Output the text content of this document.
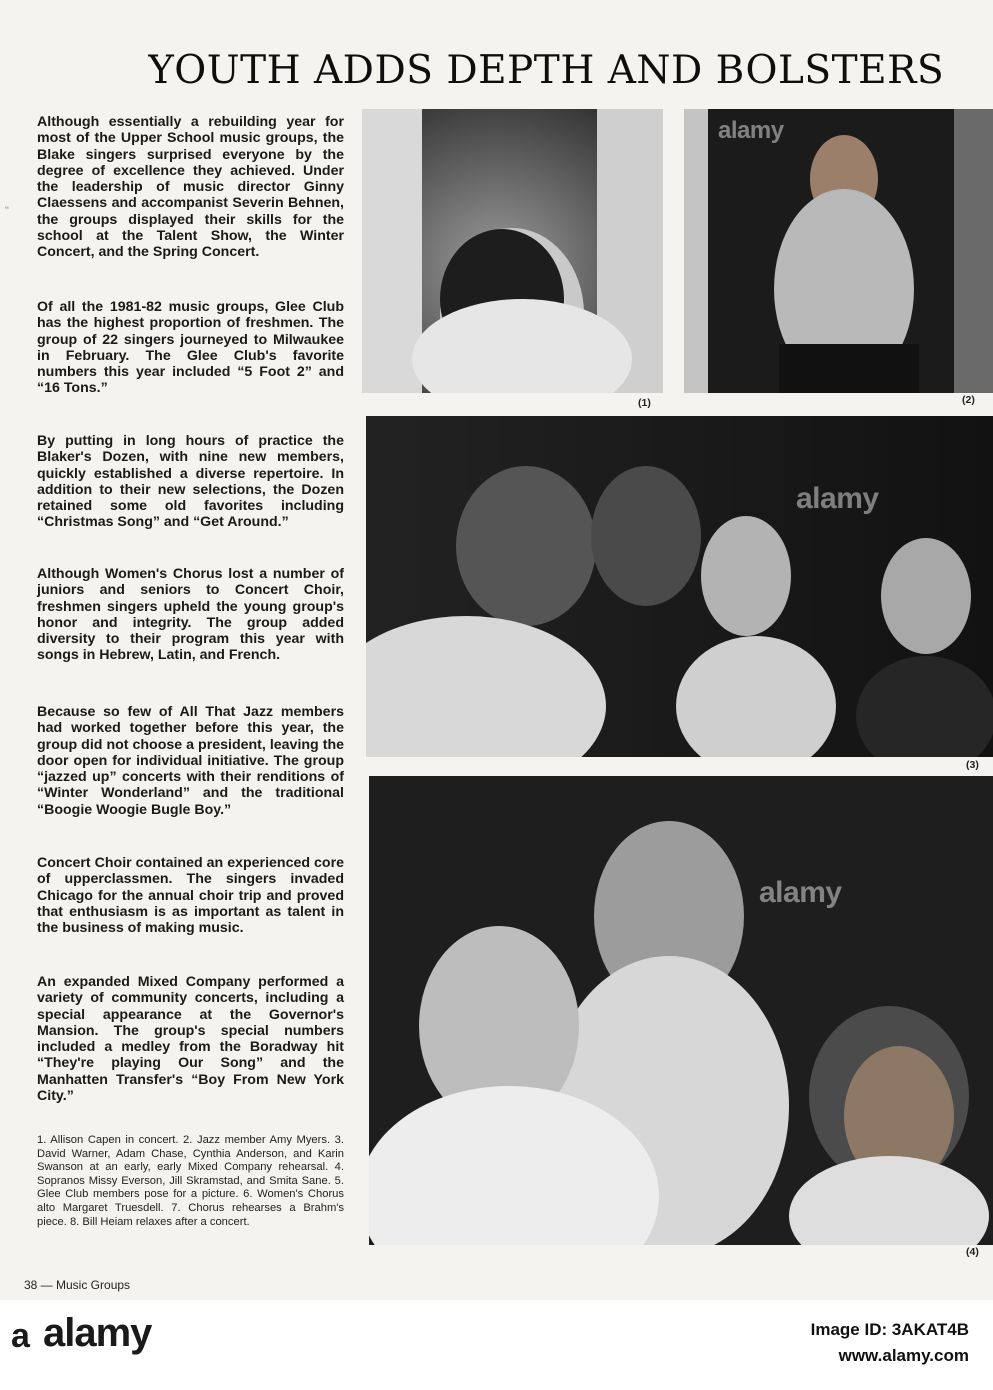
YOUTH ADDS DEPTH AND BOLSTERS
ʻʻ

Although essentially a rebuilding year for most of the Upper School music groups, the Blake singers surprised everyone by the degree of excellence they achieved. Under the leadership of music director Ginny Claessens and accompanist Severin Behnen, the groups displayed their skills for the school at the Talent Show, the Winter Concert, and the Spring Concert.

Of all the 1981-82 music groups, Glee Club has the highest proportion of freshmen. The group of 22 singers journeyed to Milwaukee in February. The Glee Club's favorite numbers this year included “5 Foot 2” and “16 Tons.”

By putting in long hours of practice the Blaker's Dozen, with nine new members, quickly established a diverse repertoire. In addition to their new selections, the Dozen retained some old favorites including “Christmas Song” and “Get Around.”

Although Women's Chorus lost a number of juniors and seniors to Concert Choir, freshmen singers upheld the young group's honor and integrity. The group added diversity to their program this year with songs in Hebrew, Latin, and French.

Because so few of All That Jazz members had worked together before this year, the group did not choose a president, leaving the door open for individual initiative. The group “jazzed up” concerts with their renditions of “Winter Wonderland” and the traditional “Boogie Woogie Bugle Boy.”

Concert Choir contained an experienced core of upperclassmen. The singers invaded Chicago for the annual choir trip and proved that enthusiasm is as important as talent in the business of making music.

An expanded Mixed Company performed a variety of community concerts, including a special appearance at the Governor's Mansion. The group's special numbers included a medley from the Boradway hit “They're playing Our Song” and the Manhatten Transfer's “Boy From New York City.”

1. Allison Capen in concert. 2. Jazz member Amy Myers. 3. David Warner, Adam Chase, Cynthia Anderson, and Karin Swanson at an early, early Mixed Company rehearsal. 4. Sopranos Missy Everson, Jill Skramstad, and Smita Sane. 5. Glee Club members pose for a picture. 6. Women's Chorus alto Margaret Truesdell. 7. Chorus rehearses a Brahm's piece. 8. Bill Heiam relaxes after a concert.

38 — Music Groups
(1)
alamy
(2)
alamy
(3)
alamy
(4)
a alamy	Image ID: 3AKAT4B
www.alamy.com
